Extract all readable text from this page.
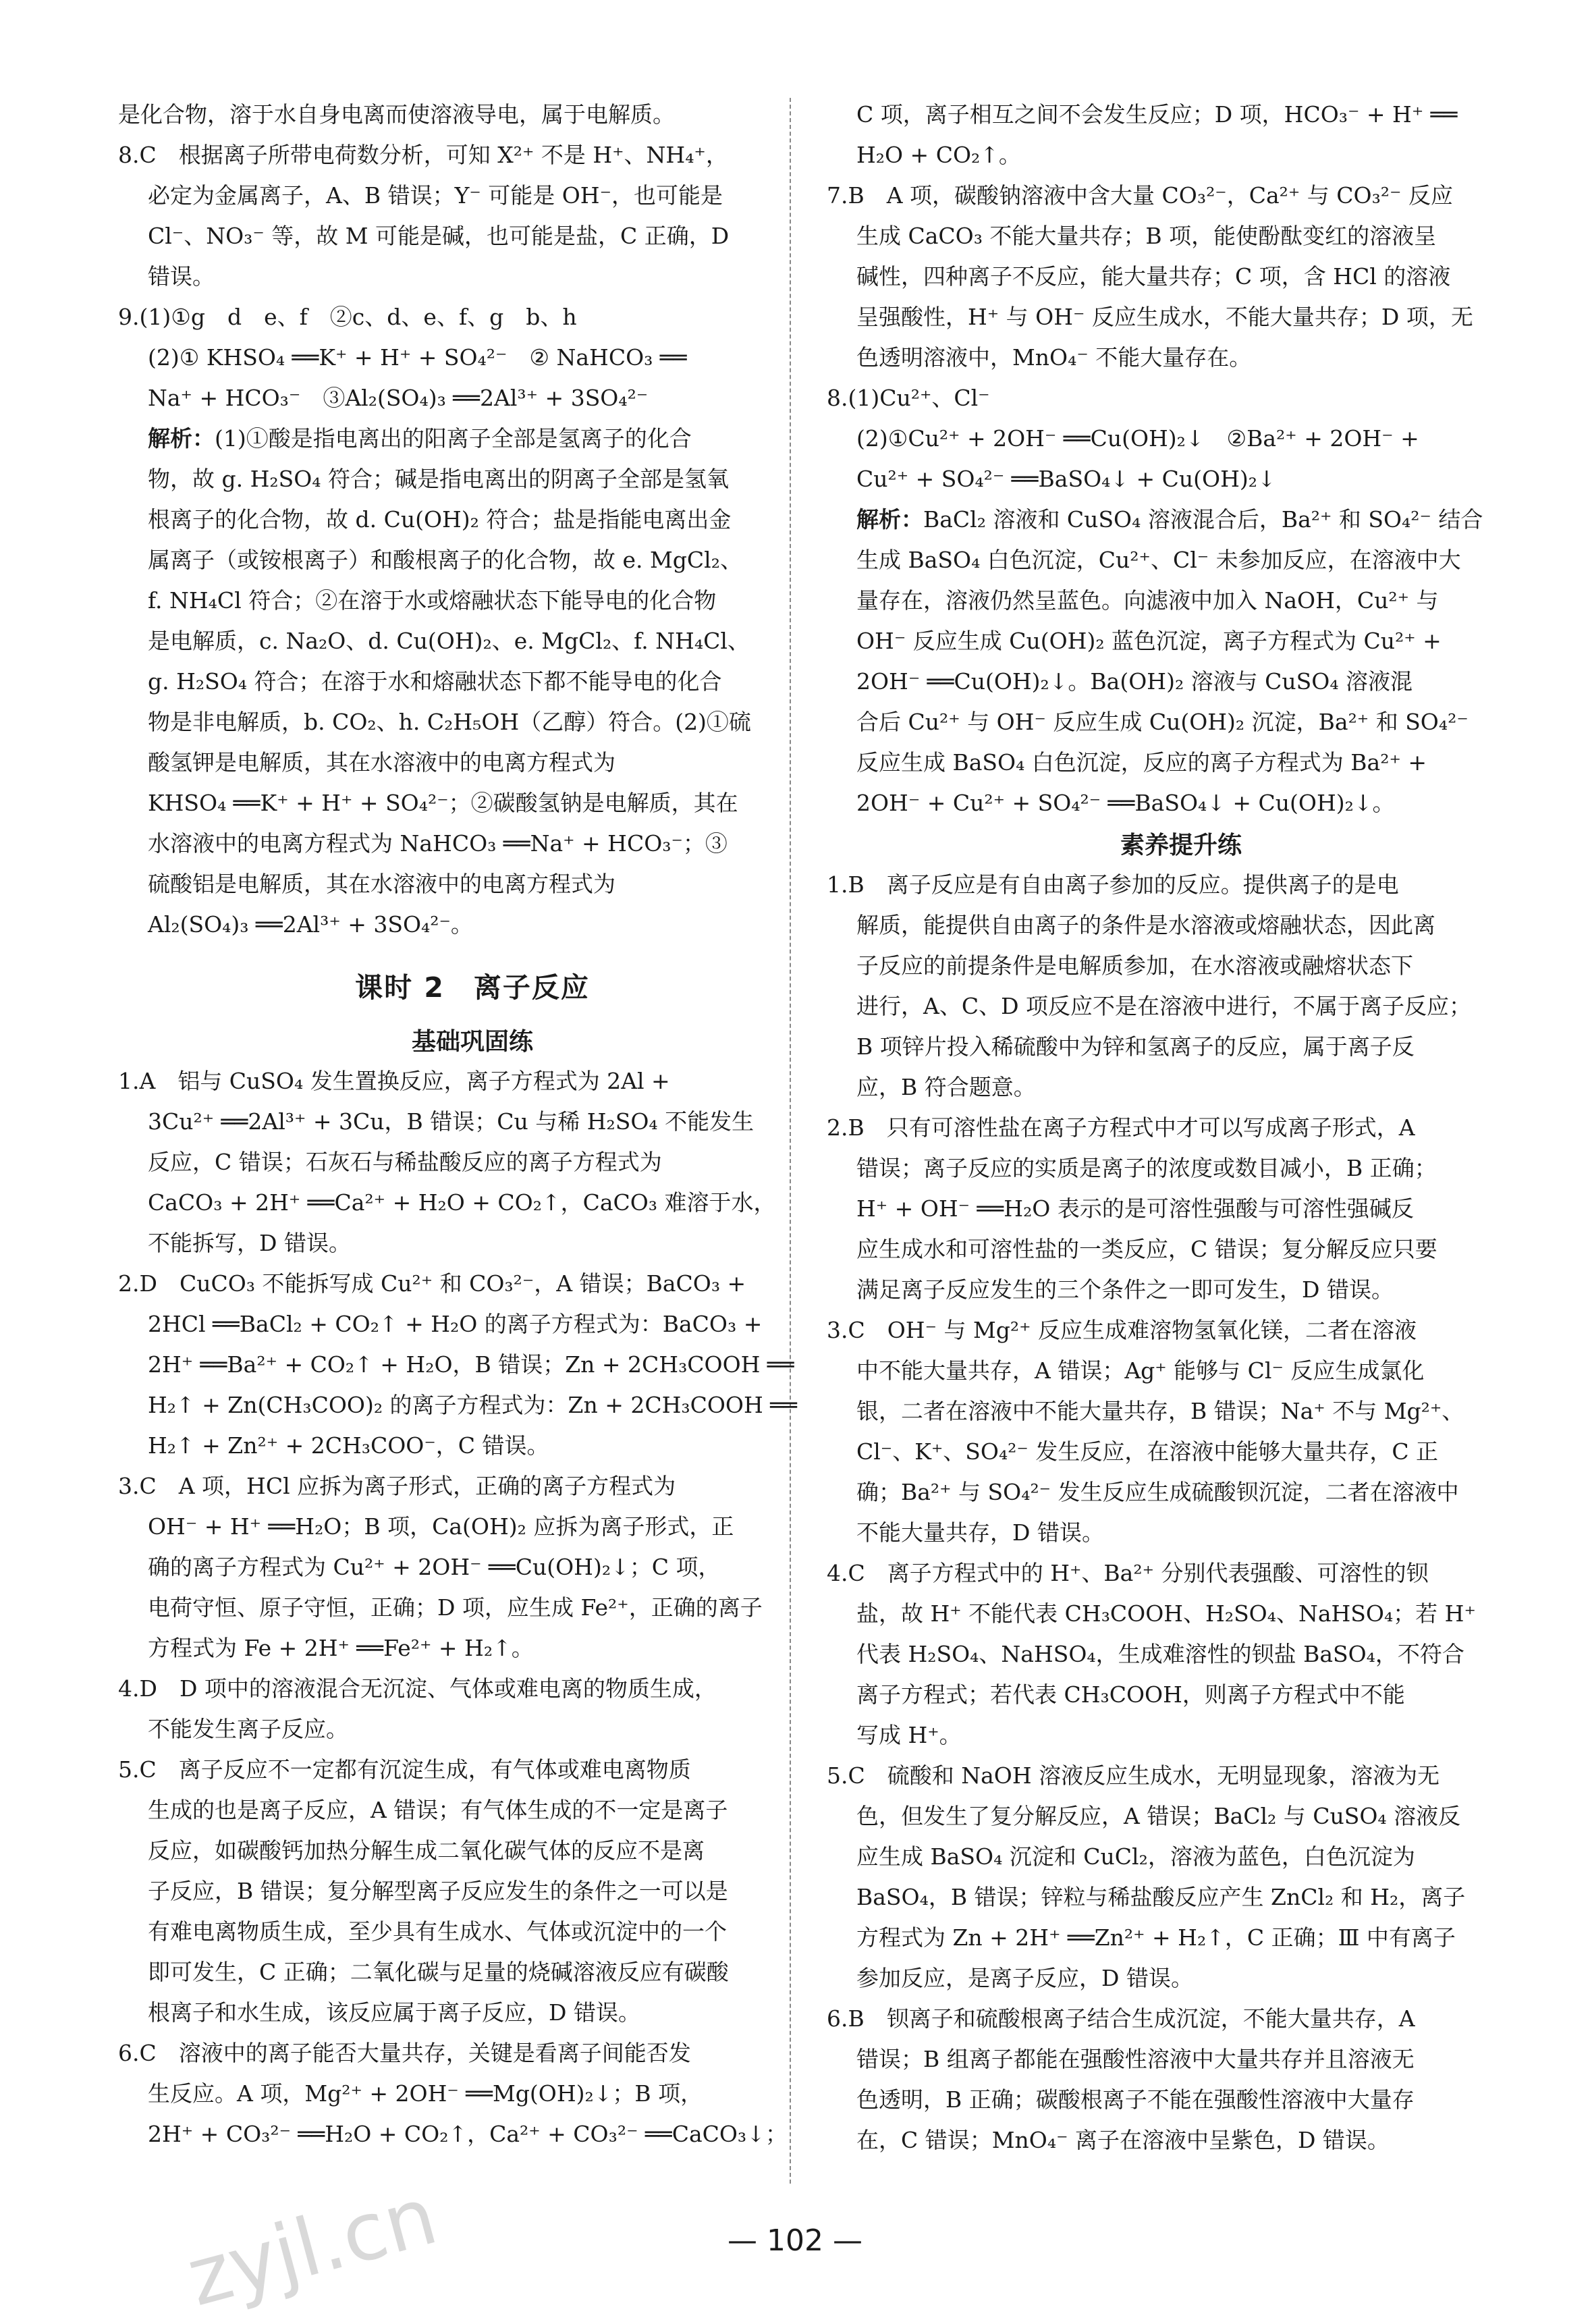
是化合物，溶于水自身电离而使溶液导电，属于电解质。
8.C　根据离子所带电荷数分析，可知 X²⁺ 不是 H⁺、NH₄⁺，
必定为金属离子，A、B 错误；Y⁻ 可能是 OH⁻，也可能是
Cl⁻、NO₃⁻ 等，故 M 可能是碱，也可能是盐，C 正确，D
错误。
9.(1)①g　d　e、f　②c、d、e、f、g　b、h
(2)① KHSO₄ ══K⁺ + H⁺ + SO₄²⁻　② NaHCO₃ ══
Na⁺ + HCO₃⁻　③Al₂(SO₄)₃ ══2Al³⁺ + 3SO₄²⁻
解析：(1)①酸是指电离出的阳离子全部是氢离子的化合
物，故 g. H₂SO₄ 符合；碱是指电离出的阴离子全部是氢氧
根离子的化合物，故 d. Cu(OH)₂ 符合；盐是指能电离出金
属离子（或铵根离子）和酸根离子的化合物，故 e. MgCl₂、
f. NH₄Cl 符合；②在溶于水或熔融状态下能导电的化合物
是电解质，c. Na₂O、d. Cu(OH)₂、e. MgCl₂、f. NH₄Cl、
g. H₂SO₄ 符合；在溶于水和熔融状态下都不能导电的化合
物是非电解质，b. CO₂、h. C₂H₅OH（乙醇）符合。(2)①硫
酸氢钾是电解质，其在水溶液中的电离方程式为
KHSO₄ ══K⁺ + H⁺ + SO₄²⁻；②碳酸氢钠是电解质，其在
水溶液中的电离方程式为 NaHCO₃ ══Na⁺ + HCO₃⁻；③
硫酸铝是电解质，其在水溶液中的电离方程式为
Al₂(SO₄)₃ ══2Al³⁺ + 3SO₄²⁻。
课时 2　离子反应
基础巩固练
1.A　铝与 CuSO₄ 发生置换反应，离子方程式为 2Al +
3Cu²⁺ ══2Al³⁺ + 3Cu，B 错误；Cu 与稀 H₂SO₄ 不能发生
反应，C 错误；石灰石与稀盐酸反应的离子方程式为
CaCO₃ + 2H⁺ ══Ca²⁺ + H₂O + CO₂↑，CaCO₃ 难溶于水，
不能拆写，D 错误。
2.D　CuCO₃ 不能拆写成 Cu²⁺ 和 CO₃²⁻，A 错误；BaCO₃ +
2HCl ══BaCl₂ + CO₂↑ + H₂O 的离子方程式为：BaCO₃ +
2H⁺ ══Ba²⁺ + CO₂↑ + H₂O，B 错误；Zn + 2CH₃COOH ══
H₂↑ + Zn(CH₃COO)₂ 的离子方程式为：Zn + 2CH₃COOH ══
H₂↑ + Zn²⁺ + 2CH₃COO⁻，C 错误。
3.C　A 项，HCl 应拆为离子形式，正确的离子方程式为
OH⁻ + H⁺ ══H₂O；B 项，Ca(OH)₂ 应拆为离子形式，正
确的离子方程式为 Cu²⁺ + 2OH⁻ ══Cu(OH)₂↓；C 项，
电荷守恒、原子守恒，正确；D 项，应生成 Fe²⁺，正确的离子
方程式为 Fe + 2H⁺ ══Fe²⁺ + H₂↑。
4.D　D 项中的溶液混合无沉淀、气体或难电离的物质生成，
不能发生离子反应。
5.C　离子反应不一定都有沉淀生成，有气体或难电离物质
生成的也是离子反应，A 错误；有气体生成的不一定是离子
反应，如碳酸钙加热分解生成二氧化碳气体的反应不是离
子反应，B 错误；复分解型离子反应发生的条件之一可以是
有难电离物质生成，至少具有生成水、气体或沉淀中的一个
即可发生，C 正确；二氧化碳与足量的烧碱溶液反应有碳酸
根离子和水生成，该反应属于离子反应，D 错误。
6.C　溶液中的离子能否大量共存，关键是看离子间能否发
生反应。A 项，Mg²⁺ + 2OH⁻ ══Mg(OH)₂↓；B 项，
2H⁺ + CO₃²⁻ ══H₂O + CO₂↑，Ca²⁺ + CO₃²⁻ ══CaCO₃↓；
C 项，离子相互之间不会发生反应；D 项，HCO₃⁻ + H⁺ ══
H₂O + CO₂↑。
7.B　A 项，碳酸钠溶液中含大量 CO₃²⁻，Ca²⁺ 与 CO₃²⁻ 反应
生成 CaCO₃ 不能大量共存；B 项，能使酚酞变红的溶液呈
碱性，四种离子不反应，能大量共存；C 项，含 HCl 的溶液
呈强酸性，H⁺ 与 OH⁻ 反应生成水，不能大量共存；D 项，无
色透明溶液中，MnO₄⁻ 不能大量存在。
8.(1)Cu²⁺、Cl⁻
(2)①Cu²⁺ + 2OH⁻ ══Cu(OH)₂↓　②Ba²⁺ + 2OH⁻ +
Cu²⁺ + SO₄²⁻ ══BaSO₄↓ + Cu(OH)₂↓
解析：BaCl₂ 溶液和 CuSO₄ 溶液混合后，Ba²⁺ 和 SO₄²⁻ 结合
生成 BaSO₄ 白色沉淀，Cu²⁺、Cl⁻ 未参加反应，在溶液中大
量存在，溶液仍然呈蓝色。向滤液中加入 NaOH，Cu²⁺ 与
OH⁻ 反应生成 Cu(OH)₂ 蓝色沉淀，离子方程式为 Cu²⁺ +
2OH⁻ ══Cu(OH)₂↓。Ba(OH)₂ 溶液与 CuSO₄ 溶液混
合后 Cu²⁺ 与 OH⁻ 反应生成 Cu(OH)₂ 沉淀，Ba²⁺ 和 SO₄²⁻
反应生成 BaSO₄ 白色沉淀，反应的离子方程式为 Ba²⁺ +
2OH⁻ + Cu²⁺ + SO₄²⁻ ══BaSO₄↓ + Cu(OH)₂↓。
素养提升练
1.B　离子反应是有自由离子参加的反应。提供离子的是电
解质，能提供自由离子的条件是水溶液或熔融状态，因此离
子反应的前提条件是电解质参加，在水溶液或融熔状态下
进行，A、C、D 项反应不是在溶液中进行，不属于离子反应；
B 项锌片投入稀硫酸中为锌和氢离子的反应，属于离子反
应，B 符合题意。
2.B　只有可溶性盐在离子方程式中才可以写成离子形式，A
错误；离子反应的实质是离子的浓度或数目减小，B 正确；
H⁺ + OH⁻ ══H₂O 表示的是可溶性强酸与可溶性强碱反
应生成水和可溶性盐的一类反应，C 错误；复分解反应只要
满足离子反应发生的三个条件之一即可发生，D 错误。
3.C　OH⁻ 与 Mg²⁺ 反应生成难溶物氢氧化镁，二者在溶液
中不能大量共存，A 错误；Ag⁺ 能够与 Cl⁻ 反应生成氯化
银，二者在溶液中不能大量共存，B 错误；Na⁺ 不与 Mg²⁺、
Cl⁻、K⁺、SO₄²⁻ 发生反应，在溶液中能够大量共存，C 正
确；Ba²⁺ 与 SO₄²⁻ 发生反应生成硫酸钡沉淀，二者在溶液中
不能大量共存，D 错误。
4.C　离子方程式中的 H⁺、Ba²⁺ 分别代表强酸、可溶性的钡
盐，故 H⁺ 不能代表 CH₃COOH、H₂SO₄、NaHSO₄；若 H⁺
代表 H₂SO₄、NaHSO₄，生成难溶性的钡盐 BaSO₄，不符合
离子方程式；若代表 CH₃COOH，则离子方程式中不能
写成 H⁺。
5.C　硫酸和 NaOH 溶液反应生成水，无明显现象，溶液为无
色，但发生了复分解反应，A 错误；BaCl₂ 与 CuSO₄ 溶液反
应生成 BaSO₄ 沉淀和 CuCl₂，溶液为蓝色，白色沉淀为
BaSO₄，B 错误；锌粒与稀盐酸反应产生 ZnCl₂ 和 H₂，离子
方程式为 Zn + 2H⁺ ══Zn²⁺ + H₂↑，C 正确；Ⅲ 中有离子
参加反应，是离子反应，D 错误。
6.B　钡离子和硫酸根离子结合生成沉淀，不能大量共存，A
错误；B 组离子都能在强酸性溶液中大量共存并且溶液无
色透明，B 正确；碳酸根离子不能在强酸性溶液中大量存
在，C 错误；MnO₄⁻ 离子在溶液中呈紫色，D 错误。
— 102 —
zyjl.cn
